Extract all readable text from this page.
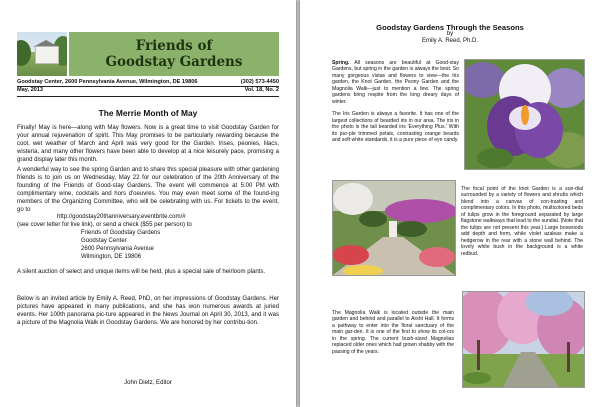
Friends of
Goodstay Gardens
Goodstay Center, 2600 Pennsylvania Avenue, Wilmington, DE 19806	(302) 573-4450
May, 2013	Vol. 18, No. 2
The Merrie Month of May

Finally! May is here—along with May flowers. Now is a great time to visit Goodstay Garden for your annual rejuvenation of spirit. This May promises to be particularly rewarding because the cool, wet weather of March and April was very good for the Garden. Irises, peonies, lilacs, wisteria, and many other flowers have been able to develop at a nice leisurely pace, promising a grand display later this month.

A wonderful way to see the spring Garden and to share this special pleasure with other gardening friends is to join us on Wednesday, May 22 for our celebration of the 20th Anniversary of the founding of the Friends of Good-stay Gardens. The event will commence at 5:00 PM with complimentary wine, cocktails and hors d'oeuvres. You may even meet some of the found-ing members of the Organizing Committee, who will be celebrating with us. For tickets to the event, go to

http://goodstay20thanniversary.eventbrite.com/#
(see cover letter for live link), or send a check ($55 per person) to
Friends of Goodstay Gardens
Goodstay Center
2600 Pennsylvania Avenue
Wilmington, DE 19806

A silent auction of select and unique items will be held, plus a special sale of heirloom plants.

Below is an invited article by Emily A. Reed, PhD, on her impressions of Goodstay Gardens. Her pictures have appeared in many publications, and she has won numerous awards at juried events. Her 100th panorama pic-ture appeared in the News Journal on April 30, 2013, and it was a picture of the Magnolia Walk in Goodstay Gardens. We are honored by her contribu-tion.

John Dietz, Editor
Goodstay Gardens Through the Seasons
by
Emily A. Reed, Ph.D.

Spring. All seasons are beautiful at Good-stay Gardens, but spring in the garden is always the best. So many gorgeous vistas and flowers to view—the Iris garden, the Knot Garden, the Peony Garden and the Magnolia Walk—just to mention a few. The spring gardens bring respite from the long dreary days of winter.

The Iris Garden is always a favorite. It has one of the largest collections of bearded iris in our area. The iris in the photo is the tall bearded iris 'Everything Plus.' With its pur-ple trimmed petals, contrasting orange beards and soft white standards, it is a pure piece of eye candy.

The focal point of the knot Garden is a sun-dial surrounded by a variety of flowers and shrubs which blend into a canvas of con-trasting and complimentary colors. In this photo, multicolored beds of tulips grow in the foreground separated by large flagstone walkways that lead to the sundial. (Note that the tulips are not present this year.) Large boxwoods add depth and form, while violet azaleas make a hedgerow in the rear with a stone wall behind. The lovely white bush in the background is a white redbud.

The Magnolia Walk is located outside the main garden and behind and parallel to Arsht Hall. It forms a pathway to enter into the floral sanctuary of the main gar-den. It is one of the first to show its col-ors in the spring. The current bush-sized Magnolias replaced older ones which had grown shabby with the passing of the years.
